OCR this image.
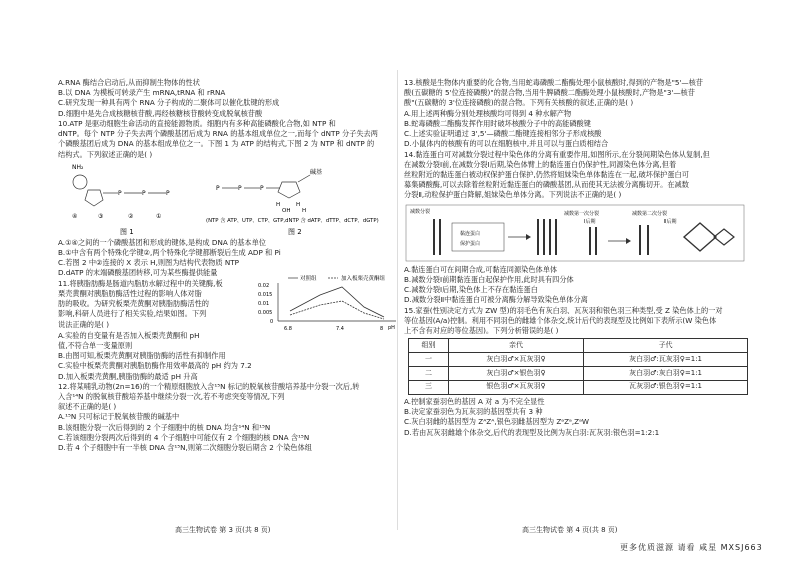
A.RNA 酶结合启动后,从而抑制生物体的性状
B.以 DNA 为模板可转录产生 mRNA,tRNA 和 rRNA
C.研究发现一种具有两个 RNA 分子构成的二聚体可以催化肽键的形成
D.细胞中是先合成核糖核苷酸,再经核糖核苷酸转变成脱氧核苷酸
10.ATP 是驱动细胞生命活动的直接能源物质。细胞内有多种高能磷酸化合物,如 NTP 和
dNTP。每个 NTP 分子失去两个磷酸基团后成为 RNA 的基本组成单位之一,而每个 dNTP 分子失去两
个磷酸基团后成为 DNA 的基本组成单位之一。下图 1 为 ATP 的结构式,下图 2 为 NTP 和 dNTP 的
结构式。下列叙述正确的是( )
NH₂
P	P	P
③	②	①
④
图 1
P	P	P
碱基
H	H
OH H
(NTP 含 ATP、UTP、CTP、GTP,dNTP 含 dATP、dTTP、dCTP、dGTP)
图 2
A.①④之间的一个磷酸基团和形成的键体,是构成 DNA 的基本单位
B.①中含有两个特殊化学键②,两个特殊化学键都断裂后生成 ADP 和 Pi
C.若图 2 中②连接的 X 表示 H,则图为结构代表物质 NTP
D.dATP 的末端磷酸基团转移,可为某些酶提供能量
11.将胰脂肪酶是肠道内脂肪水解过程中的关键酶,板
栗壳黄酮对胰脂肪酶活性过程的影响人体对脂
肪的吸收。为研究板栗壳黄酮对胰脂肪酶活性的
影响,科研人员进行了相关实验,结果如图。下列
说法正确的是( )
对照组	加入板栗壳黄酮组
0.02
0.015
0.01
0.005
0
6.8	7.4	8 pH
A.实验的自变量有是否加入板栗壳黄酮和 pH
值,不符合单一变量原则
B.由图可知,板栗壳黄酮对胰脂肪酶的活性有抑制作用
C.实验中板栗壳黄酮对胰脂肪酶作用效率最高的 pH 约为 7.2
D.加入板栗壳黄酮,胰脂肪酶的最适 pH 升高
12.将某哺乳动物(2n=16)的一个精原细胞放入含¹⁵N 标记的脱氧核苷酸培养基中分裂一次后,转
入含¹⁴N 的脱氧核苷酸培养基中继续分裂一次,若不考虑突变等情况,下列
叙述不正确的是( )
A.¹⁵N 只可标记于脱氧核苷酸的碱基中
B.该细胞分裂一次后得到的 2 个子细胞中的核 DNA 均含¹⁴N 和¹⁵N
C.若该细胞分裂两次后得到的 4 个子细胞中可能仅有 2 个细胞的核 DNA 含¹⁵N
D.若 4 个子细胞中有一半核 DNA 含¹⁵N,则第二次细胞分裂后期含 2 个染色体组
13.核酸是生物体内重要的化合物,当用蛇毒磷酸二酯酶处理小鼠核酸时,得到的产物是"5'—核苷
酸(五碳糖的 5'位连接磷酸)"的混合物,当用牛脾磷酸二酯酶处理小鼠核酸时,产物是"3'—核苷
酸"(五碳糖的 3'位连接磷酸)的混合物。下列有关核酸的叙述,正确的是( )
A.用上述两种酶分别处理核酸均可得到 4 种水解产物
B.蛇毒磷酸二酯酶发挥作用时破坏核酸分子中的高能磷酸键
C.上述实验证明通过 3',5'—磷酸二酯键连接相邻分子形成核酸
D.小鼠体内的核酸有的可以在细胞核中,并且可以与蛋白质相结合
14.黏连蛋白可对减数分裂过程中染色体的分离有重要作用,如图所示,在分裂间期染色体从复制,但
在减数分裂Ⅰ前,在减数分裂Ⅰ后期,染色体臂上的黏连蛋白仍保护性,同源染色体分离,但着
丝粒附近的黏连蛋白被动权保护蛋白保护,仍然将姐妹染色单体黏连在一起,破坏保护蛋白可
募集磷酸酶,可以去除着丝粒附近黏连蛋白的磷酸基团,从而使其无法被分离酶切开。在减数
分裂Ⅱ,动粒保护蛋白降解,姐妹染色单体分离。下列说法不正确的是( )
减数分裂
黏连蛋白
保护蛋白
减数第一次分裂
Ⅰ后期
减数第二次分裂
Ⅱ后期
A.黏连蛋白可在间期合成,可黏连同源染色体单体
B.减数分裂Ⅰ前期黏连蛋白起保护作用,此时具有四分体
C.减数分裂Ⅰ后期,染色体上不存在黏连蛋白
D.减数分裂Ⅱ中黏连蛋白可被分离酶分解导致染色单体分离
15.家蚕(性别决定方式为 ZW 型)的羽毛色有灰白羽、瓦灰羽和银色羽三种类型,受 Z 染色体上的一对
等位基因(A/a)控制。利用不同羽色的雌雄个体杂交,统计后代的表现型及比例如下表所示(W 染色体
上不含有对应的等位基因)。下列分析错误的是( )
组别	亲代	子代
一	灰白羽♂×瓦灰羽♀	灰白羽♂:瓦灰羽♀=1:1
二	灰白羽♂×银色羽♀	灰白羽♂:灰白羽♀=1:1
三	银色羽♂×瓦灰羽♀	瓦灰羽♂:银色羽♀=1:1
A.控制家蚕羽色的基因 A 对 a 为不完全显性
B.决定家蚕羽色为瓦灰羽的基因型共有 3 种
C.灰白羽雌的基因型为 ZᴬZᴬ,银色羽雌基因型为 ZᵃZᵃ,ZᵃW
D.若由瓦灰羽雌雄个体杂交,后代的表现型及比例为灰白羽:瓦灰羽:银色羽=1:2:1
高三生物试卷 第 3 页(共 8 页)	高三生物试卷 第 4 页(共 8 页)
更多优质滋源 请看 咸星 MXSJ663
